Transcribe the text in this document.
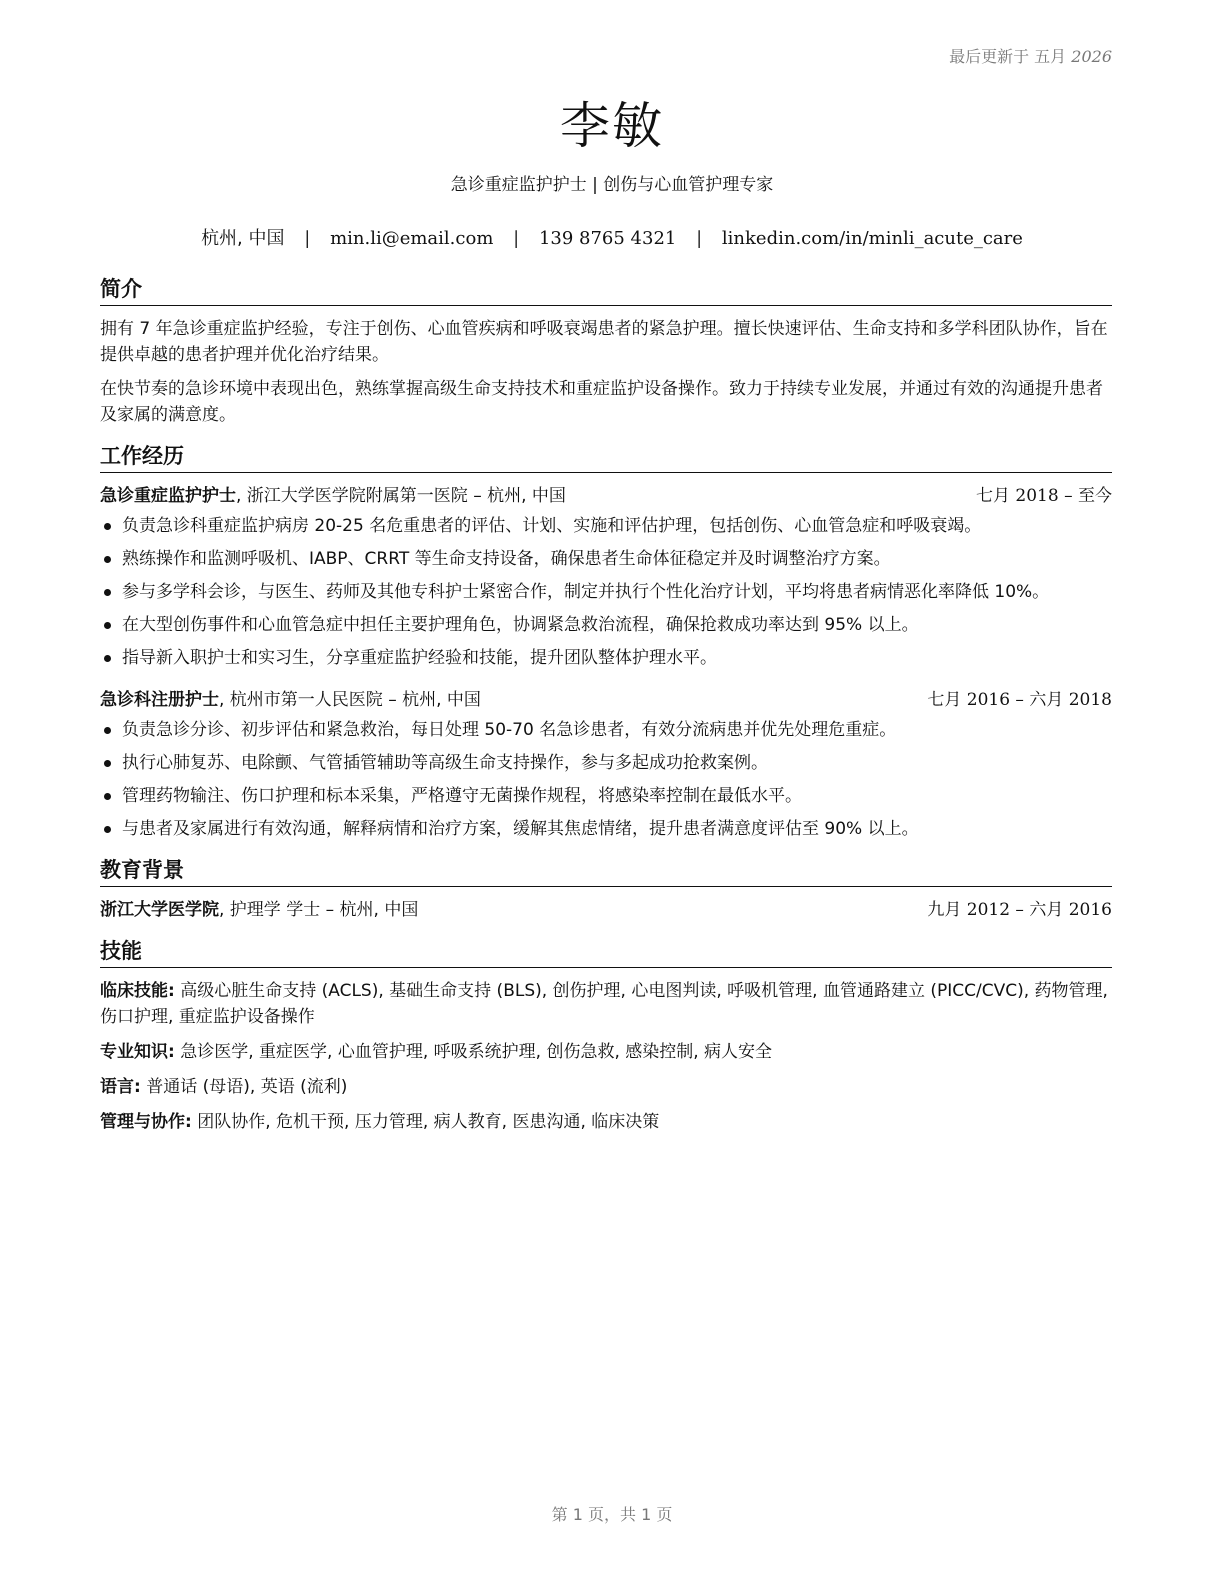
最后更新于 五月 2026
李敏
急诊重症监护护士 | 创伤与心血管护理专家
杭州, 中国 | min.li@email.com | 139 8765 4321 | linkedin.com/in/minli_acute_care
简介

拥有 7 年急诊重症监护经验，专注于创伤、心血管疾病和呼吸衰竭患者的紧急护理。擅长快速评估、生命支持和多学科团队协作，旨在提供卓越的患者护理并优化治疗结果。

在快节奏的急诊环境中表现出色，熟练掌握高级生命支持技术和重症监护设备操作。致力于持续专业发展，并通过有效的沟通提升患者及家属的满意度。

工作经历
急诊重症监护护士, 浙江大学医学院附属第一医院 – 杭州, 中国	七月 2018 – 至今
负责急诊科重症监护病房 20-25 名危重患者的评估、计划、实施和评估护理，包括创伤、心血管急症和呼吸衰竭。
熟练操作和监测呼吸机、IABP、CRRT 等生命支持设备，确保患者生命体征稳定并及时调整治疗方案。
参与多学科会诊，与医生、药师及其他专科护士紧密合作，制定并执行个性化治疗计划，平均将患者病情恶化率降低 10%。
在大型创伤事件和心血管急症中担任主要护理角色，协调紧急救治流程，确保抢救成功率达到 95% 以上。
指导新入职护士和实习生，分享重症监护经验和技能，提升团队整体护理水平。
急诊科注册护士, 杭州市第一人民医院 – 杭州, 中国	七月 2016 – 六月 2018
负责急诊分诊、初步评估和紧急救治，每日处理 50-70 名急诊患者，有效分流病患并优先处理危重症。
执行心肺复苏、电除颤、气管插管辅助等高级生命支持操作，参与多起成功抢救案例。
管理药物输注、伤口护理和标本采集，严格遵守无菌操作规程，将感染率控制在最低水平。
与患者及家属进行有效沟通，解释病情和治疗方案，缓解其焦虑情绪，提升患者满意度评估至 90% 以上。
教育背景
浙江大学医学院, 护理学 学士 – 杭州, 中国	九月 2012 – 六月 2016
技能

临床技能: 高级心脏生命支持 (ACLS), 基础生命支持 (BLS), 创伤护理, 心电图判读, 呼吸机管理, 血管通路建立 (PICC/CVC), 药物管理, 伤口护理, 重症监护设备操作

专业知识: 急诊医学, 重症医学, 心血管护理, 呼吸系统护理, 创伤急救, 感染控制, 病人安全

语言: 普通话 (母语), 英语 (流利)

管理与协作: 团队协作, 危机干预, 压力管理, 病人教育, 医患沟通, 临床决策

第 1 页，共 1 页
